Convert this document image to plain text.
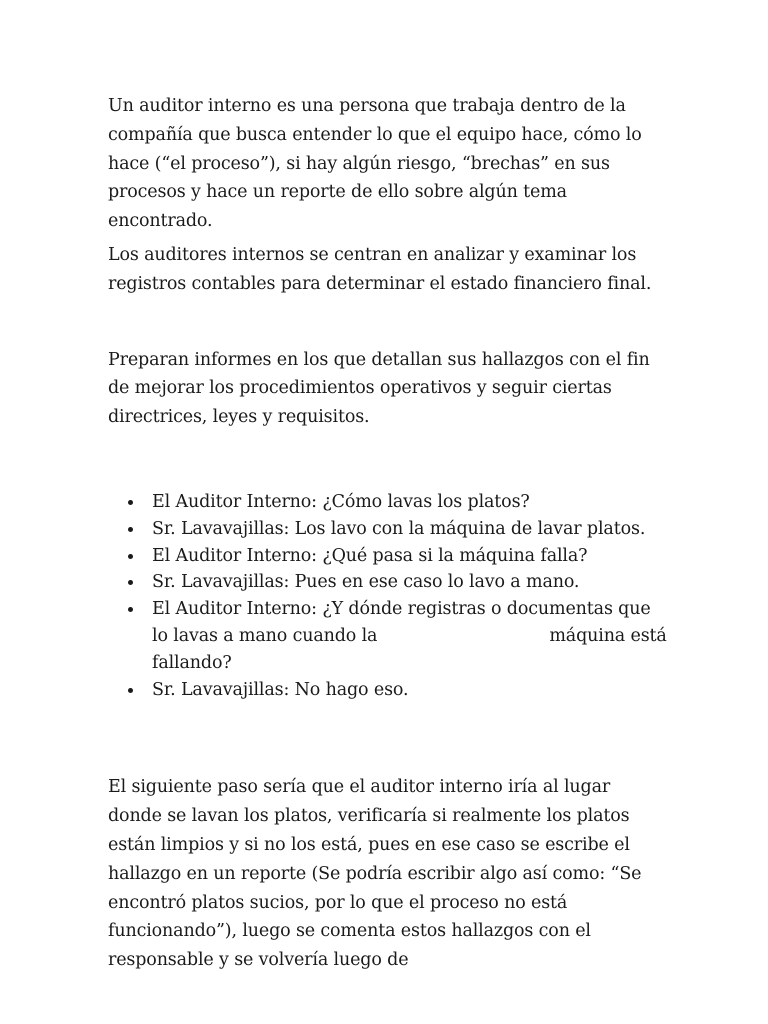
Un auditor interno es una persona que trabaja dentro de la compañía que busca entender lo que el equipo hace, cómo lo hace (“el proceso”), si hay algún riesgo, “brechas” en sus procesos y hace un reporte de ello sobre algún tema encontrado.

Los auditores internos se centran en analizar y examinar los registros contables para determinar el estado financiero final.

Preparan informes en los que detallan sus hallazgos con el fin de mejorar los procedimientos operativos y seguir ciertas directrices, leyes y requisitos.

El Auditor Interno: ¿Cómo lavas los platos?
Sr. Lavavajillas: Los lavo con la máquina de lavar platos.
El Auditor Interno: ¿Qué pasa si la máquina falla?
Sr. Lavavajillas: Pues en ese caso lo lavo a mano.
El Auditor Interno: ¿Y dónde registras o documentas que lo lavas a mano cuando la	máquina está fallando?
Sr. Lavavajillas: No hago eso.

El siguiente paso sería que el auditor interno iría al lugar donde se lavan los platos, verificaría si realmente los platos están limpios y si no los está, pues en ese caso se escribe el hallazgo en un reporte (Se podría escribir algo así como: “Se encontró platos sucios, por lo que el proceso no está funcionando”), luego se comenta estos hallazgos con el responsable y se volvería luego de
